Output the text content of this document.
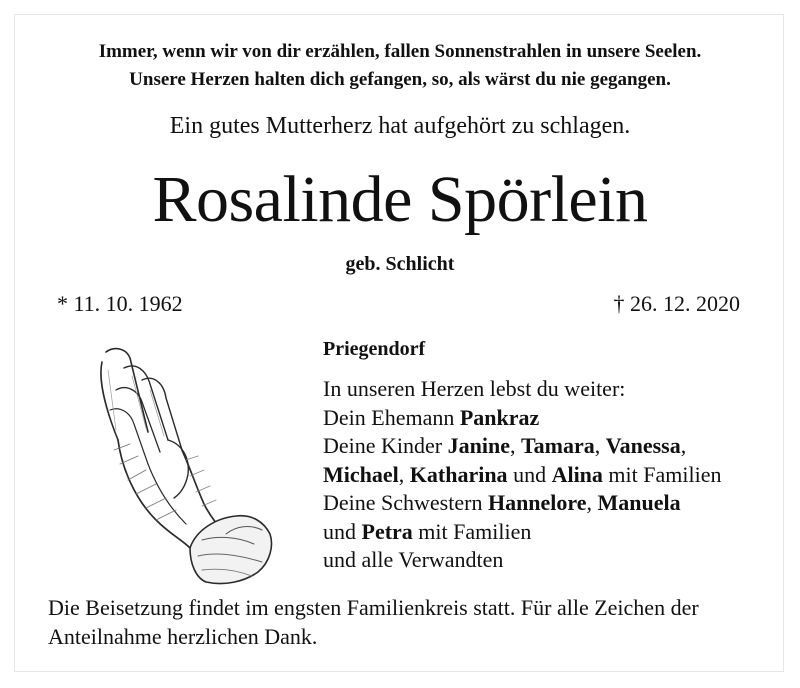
Immer, wenn wir von dir erzählen, fallen Sonnenstrahlen in unsere Seelen.
Unsere Herzen halten dich gefangen, so, als wärst du nie gegangen.
Ein gutes Mutterherz hat aufgehört zu schlagen.
Rosalinde Spörlein
geb. Schlicht
* 11. 10. 1962	† 26. 12. 2020
Priegendorf
In unseren Herzen lebst du weiter:
Dein Ehemann Pankraz
Deine Kinder Janine, Tamara, Vanessa,
Michael, Katharina und Alina mit Familien
Deine Schwestern Hannelore, Manuela
und Petra mit Familien
und alle Verwandten
Die Beisetzung findet im engsten Familienkreis statt. Für alle Zeichen der Anteilnahme herzlichen Dank.
